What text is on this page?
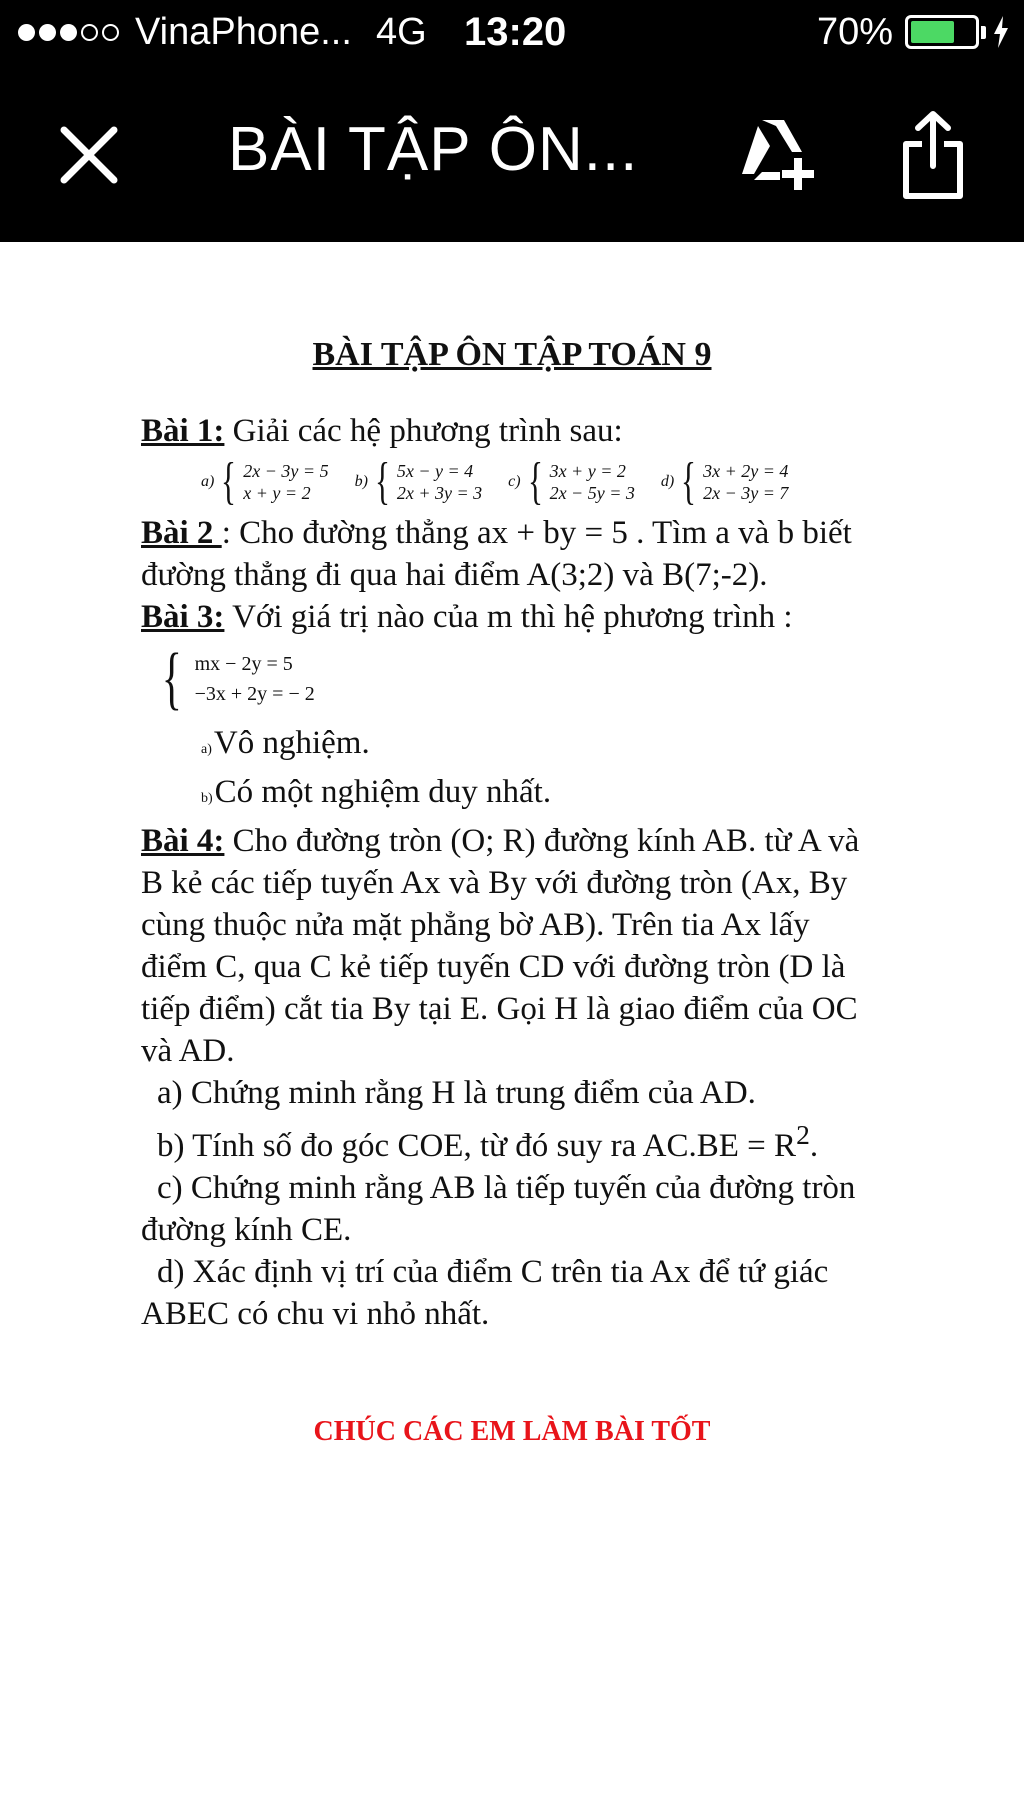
VinaPhone... 4G 13:20	70%
BÀI TẬP ÔN...
BÀI TẬP ÔN TẬP TOÁN 9
Bài 1: Giải các hệ phương trình sau:
a) { 2x − 3y = 5
x + y = 2
b) { 5x − y = 4
2x + 3y = 3
c) { 3x + y = 2
2x − 5y = 3
d) { 3x + 2y = 4
2x − 3y = 7
Bài 2 : Cho đường thẳng ax + by = 5 . Tìm a và b biết
đường thẳng đi qua hai điểm A(3;2) và B(7;-2).
Bài 3: Với giá trị nào của m thì hệ phương trình :
{ mx − 2y = 5
−3x + 2y = − 2
a)Vô nghiệm.
b)Có một nghiệm duy nhất.
Bài 4: Cho đường tròn (O; R) đường kính AB. từ A và
B kẻ các tiếp tuyến Ax và By với đường tròn (Ax, By
cùng thuộc nửa mặt phẳng bờ AB). Trên tia Ax lấy
điểm C, qua C kẻ tiếp tuyến CD với đường tròn (D là
tiếp điểm) cắt tia By tại E. Gọi H là giao điểm của OC
và AD.
a) Chứng minh rằng H là trung điểm của AD.
b) Tính số đo góc COE, từ đó suy ra $AC.BE = R^2$.
c) Chứng minh rằng AB là tiếp tuyến của đường tròn
đường kính CE.
d) Xác định vị trí của điểm C trên tia Ax để tứ giác
ABEC có chu vi nhỏ nhất.
CHÚC CÁC EM LÀM BÀI TỐT
